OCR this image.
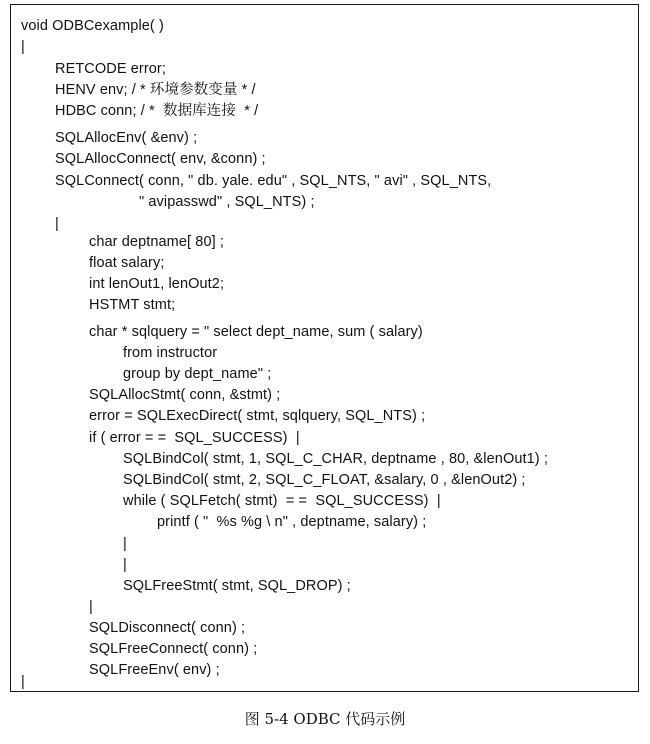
void ODBCexample( )
|
RETCODE error;
HENV env; / * 环境参数变量 * /
HDBC conn; / *  数据库连接  * /
SQLAllocEnv( &env) ;
SQLAllocConnect( env, &conn) ;
SQLConnect( conn, " db. yale. edu" , SQL_NTS, " avi" , SQL_NTS,
" avipasswd" , SQL_NTS) ;
|
char deptname[ 80] ;
float salary;
int lenOut1, lenOut2;
HSTMT stmt;
char * sqlquery = " select dept_name, sum ( salary)
from instructor
group by dept_name" ;
SQLAllocStmt( conn, &stmt) ;
error = SQLExecDirect( stmt, sqlquery, SQL_NTS) ;
if ( error = =  SQL_SUCCESS)  |
SQLBindCol( stmt, 1, SQL_C_CHAR, deptname , 80, &lenOut1) ;
SQLBindCol( stmt, 2, SQL_C_FLOAT, &salary, 0 , &lenOut2) ;
while ( SQLFetch( stmt)  = =  SQL_SUCCESS)  |
printf ( "  %s %g \ n" , deptname, salary) ;
|
|
SQLFreeStmt( stmt, SQL_DROP) ;
|
SQLDisconnect( conn) ;
SQLFreeConnect( conn) ;
SQLFreeEnv( env) ;
|
图 5-4 ODBC 代码示例
